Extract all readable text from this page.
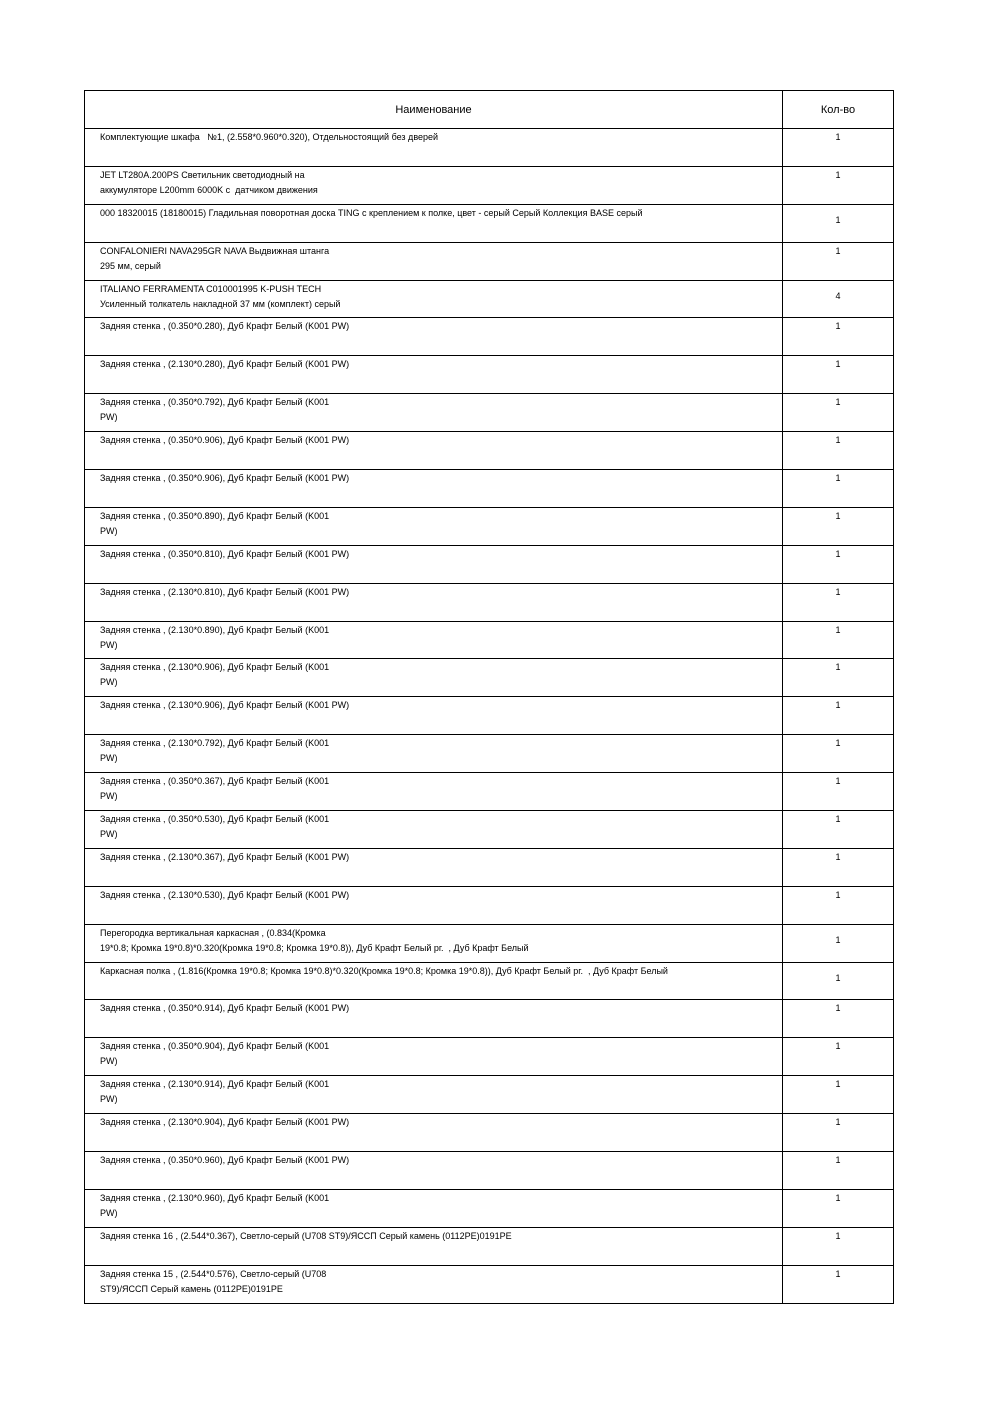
Наименование	Кол-во

Комплектующие шкафа   №1, (2.558*0.960*0.320), Отдельностоящий без дверей	1

JET LT280A.200PS Светильник светодиодный на
аккумуляторе L200mm 6000K с  датчиком движения	1

000 18320015 (18180015) Гладильная поворотная доска TING с креплением к полке, цвет - серый Серый Коллекция BASE серый	1

CONFALONIERI NAVA295GR NAVA Выдвижная штанга
295 мм, серый	1

ITALIANO FERRAMENTA C010001995 K-PUSH TECH
Усиленный толкатель накладной 37 мм (комплект) серый	4

Задняя стенка , (0.350*0.280), Дуб Крафт Белый (K001 PW)	1

Задняя стенка , (2.130*0.280), Дуб Крафт Белый (K001 PW)	1

Задняя стенка , (0.350*0.792), Дуб Крафт Белый (K001
PW)	1

Задняя стенка , (0.350*0.906), Дуб Крафт Белый (K001 PW)	1

Задняя стенка , (0.350*0.906), Дуб Крафт Белый (K001 PW)	1

Задняя стенка , (0.350*0.890), Дуб Крафт Белый (K001
PW)	1

Задняя стенка , (0.350*0.810), Дуб Крафт Белый (K001 PW)	1

Задняя стенка , (2.130*0.810), Дуб Крафт Белый (K001 PW)	1

Задняя стенка , (2.130*0.890), Дуб Крафт Белый (K001
PW)	1

Задняя стенка , (2.130*0.906), Дуб Крафт Белый (K001
PW)	1

Задняя стенка , (2.130*0.906), Дуб Крафт Белый (K001 PW)	1

Задняя стенка , (2.130*0.792), Дуб Крафт Белый (K001
PW)	1

Задняя стенка , (0.350*0.367), Дуб Крафт Белый (K001
PW)	1

Задняя стенка , (0.350*0.530), Дуб Крафт Белый (K001
PW)	1

Задняя стенка , (2.130*0.367), Дуб Крафт Белый (K001 PW)	1

Задняя стенка , (2.130*0.530), Дуб Крафт Белый (K001 PW)	1

Перегородка вертикальная каркасная , (0.834(Кромка
19*0.8; Кромка 19*0.8)*0.320(Кромка 19*0.8; Кромка 19*0.8)), Дуб Крафт Белый рг.  , Дуб Крафт Белый	1

Каркасная полка , (1.816(Кромка 19*0.8; Кромка 19*0.8)*0.320(Кромка 19*0.8; Кромка 19*0.8)), Дуб Крафт Белый рг.  , Дуб Крафт Белый	1

Задняя стенка , (0.350*0.914), Дуб Крафт Белый (K001 PW)	1

Задняя стенка , (0.350*0.904), Дуб Крафт Белый (K001
PW)	1

Задняя стенка , (2.130*0.914), Дуб Крафт Белый (K001
PW)	1

Задняя стенка , (2.130*0.904), Дуб Крафт Белый (K001 PW)	1

Задняя стенка , (0.350*0.960), Дуб Крафт Белый (K001 PW)	1

Задняя стенка , (2.130*0.960), Дуб Крафт Белый (K001
PW)	1

Задняя стенка 16 , (2.544*0.367), Светло-серый (U708 ST9)/ЯССП Серый камень (0112PE)0191PE	1

Задняя стенка 15 , (2.544*0.576), Светло-серый (U708
ST9)/ЯССП Серый камень (0112PE)0191PE	1
